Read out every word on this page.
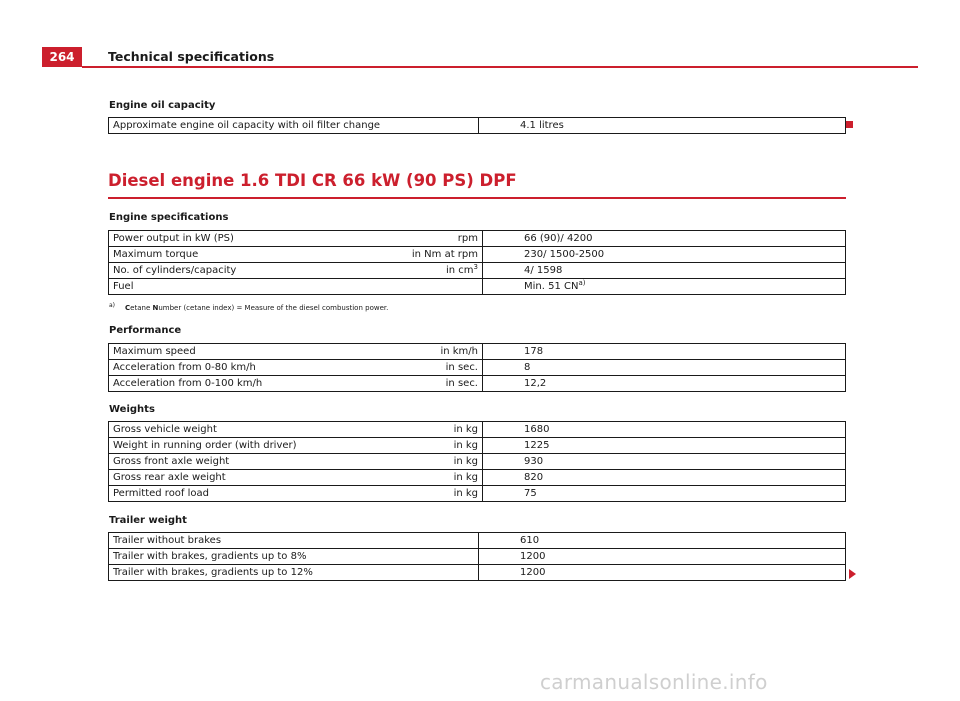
264	Technical specifications
Engine oil capacity
Approximate engine oil capacity with oil filter change	4.1 litres
Diesel engine 1.6 TDI CR 66 kW (90 PS) DPF
Engine specifications
Power output in kW (PS) rpm	66 (90)/ 4200
Maximum torque in Nm at rpm	230/ 1500-2500
No. of cylinders/capacity in $cm^3$	4/ 1598
Fuel	Min. 51 CN$^{a)}$
a) Cetane Number (cetane index) = Measure of the diesel combustion power.
Performance
Maximum speed in km/h	178
Acceleration from 0-80 km/h in sec.	8
Acceleration from 0-100 km/h in sec.	12,2
Weights
Gross vehicle weight in kg	1680
Weight in running order (with driver) in kg	1225
Gross front axle weight in kg	930
Gross rear axle weight in kg	820
Permitted roof load in kg	75
Trailer weight
Trailer without brakes	610
Trailer with brakes, gradients up to 8%	1200
Trailer with brakes, gradients up to 12%	1200
carmanualsonline.info
